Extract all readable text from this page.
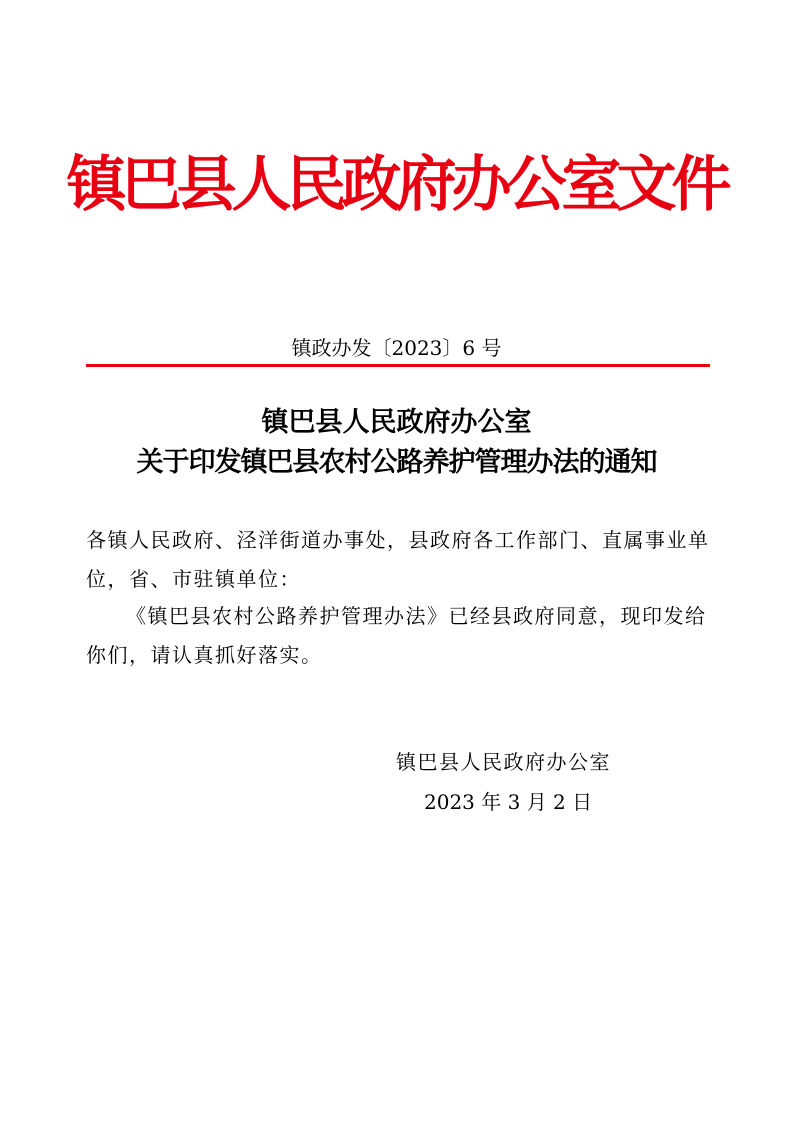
镇巴县人民政府办公室文件
镇政办发〔2023〕6 号
镇巴县人民政府办公室
关于印发镇巴县农村公路养护管理办法的通知
各镇人民政府、泾洋街道办事处，县政府各工作部门、直属事业单位，省、市驻镇单位：
《镇巴县农村公路养护管理办法》已经县政府同意，现印发给你们，请认真抓好落实。
镇巴县人民政府办公室
2023 年 3 月 2 日
